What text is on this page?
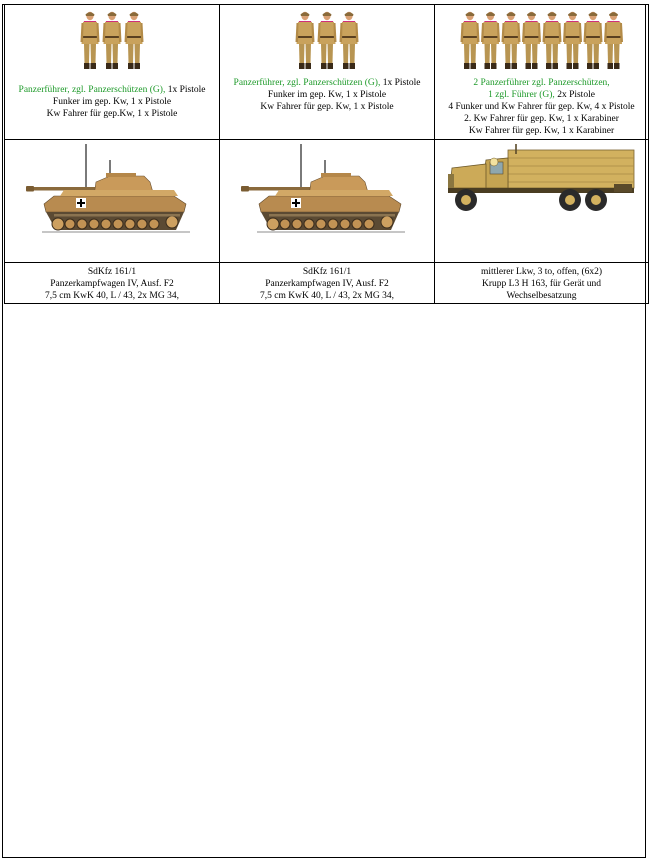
Panzerführer, zgl. Panzerschützen (G), 1x Pistole
Funker im gep. Kw, 1 x Pistole
Kw Fahrer für gep.Kw, 1 x Pistole	Panzerführer, zgl. Panzerschützen (G), 1x Pistole
Funker im gep. Kw, 1 x Pistole
Kw Fahrer für gep. Kw, 1 x Pistole	2 Panzerführer zgl. Panzerschützen,
1 zgl. Führer (G), 2x Pistole
4 Funker und Kw Fahrer für gep. Kw, 4 x Pistole
2. Kw Fahrer für gep. Kw, 1 x Karabiner
Kw Fahrer für gep. Kw, 1 x Karabiner

SdKfz 161/1
Panzerkampfwagen IV, Ausf. F2
7,5 cm KwK 40, L / 43, 2x MG 34,	SdKfz 161/1
Panzerkampfwagen IV, Ausf. F2
7,5 cm KwK 40, L / 43, 2x MG 34,	mittlerer Lkw, 3 to, offen, (6x2)
Krupp L3 H 163, für Gerät und
Wechselbesatzung
